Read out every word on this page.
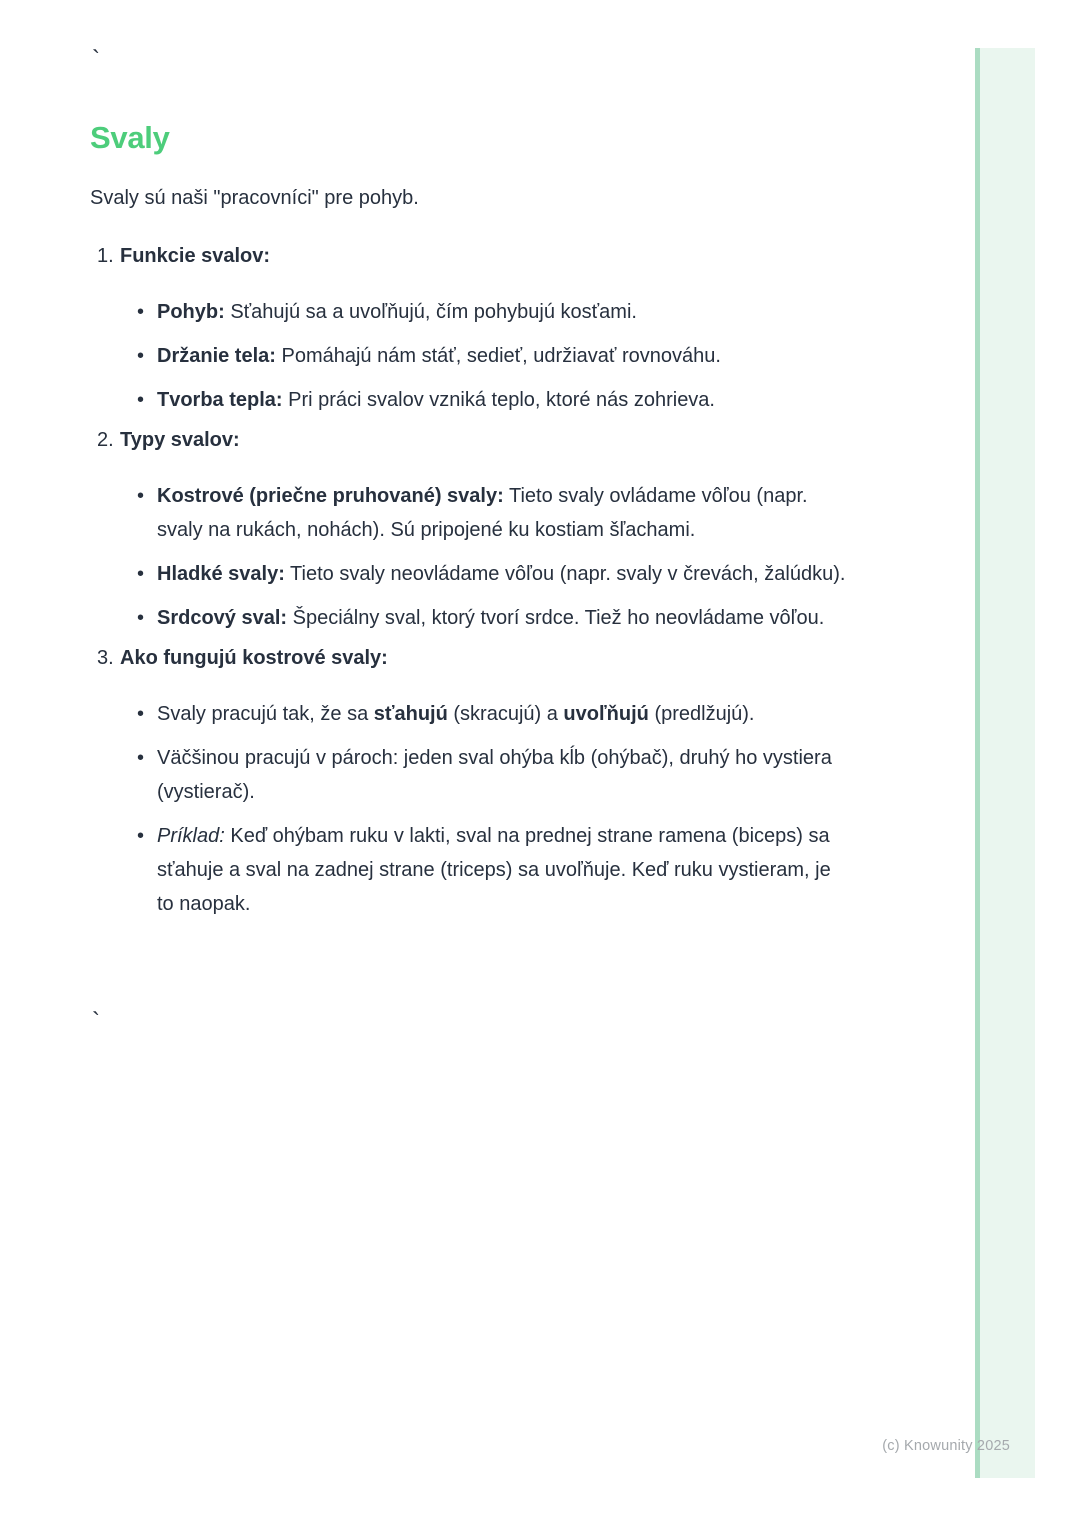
`
Svaly

Svaly sú naši "pracovníci" pre pohyb.

1. Funkcie svalov:
• Pohyb: Sťahujú sa a uvoľňujú, čím pohybujú kosťami.
• Držanie tela: Pomáhajú nám stáť, sedieť, udržiavať rovnováhu.
• Tvorba tepla: Pri práci svalov vzniká teplo, ktoré nás zohrieva.
2. Typy svalov:
• Kostrové (priečne pruhované) svaly: Tieto svaly ovládame vôľou (napr. svaly na rukách, nohách). Sú pripojené ku kostiam šľachami.
• Hladké svaly: Tieto svaly neovládame vôľou (napr. svaly v črevách, žalúdku).
• Srdcový sval: Špeciálny sval, ktorý tvorí srdce. Tiež ho neovládame vôľou.
3. Ako fungujú kostrové svaly:
• Svaly pracujú tak, že sa sťahujú (skracujú) a uvoľňujú (predlžujú).
• Väčšinou pracujú v pároch: jeden sval ohýba kĺb (ohýbač), druhý ho vystiera (vystierač).
• Príklad: Keď ohýbam ruku v lakti, sval na prednej strane ramena (biceps) sa sťahuje a sval na zadnej strane (triceps) sa uvoľňuje. Keď ruku vystieram, je to naopak.
`
(c) Knowunity 2025
